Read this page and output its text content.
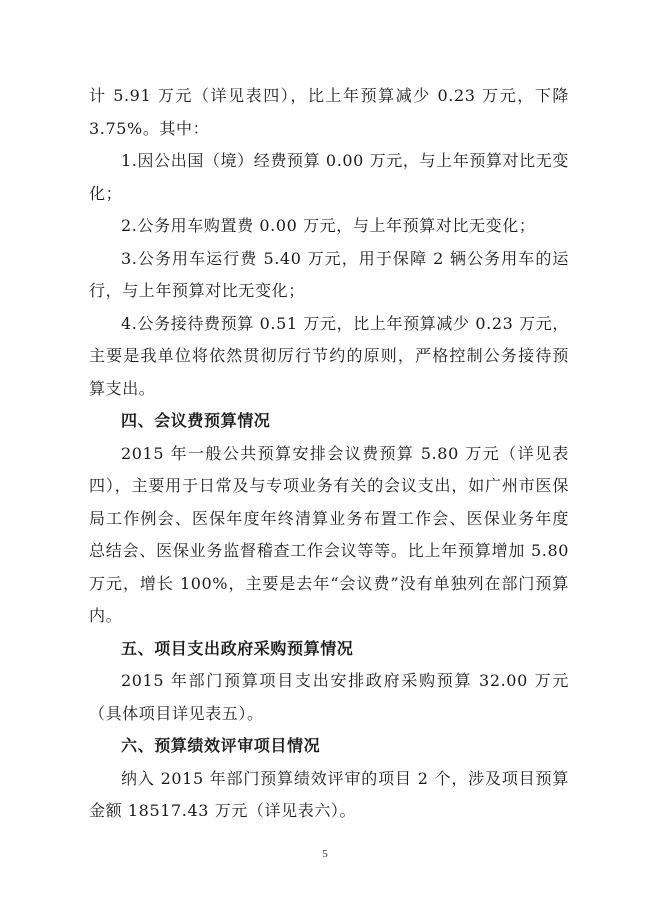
计 5.91 万元（详见表四），比上年预算减少 0.23 万元，下降 3.75%。其中：

1.因公出国（境）经费预算 0.00 万元，与上年预算对比无变化；

2.公务用车购置费 0.00 万元，与上年预算对比无变化；

3.公务用车运行费 5.40 万元，用于保障 2 辆公务用车的运行，与上年预算对比无变化；

4.公务接待费预算 0.51 万元，比上年预算减少 0.23 万元，主要是我单位将依然贯彻厉行节约的原则，严格控制公务接待预算支出。

四、会议费预算情况

2015 年一般公共预算安排会议费预算 5.80 万元（详见表四），主要用于日常及与专项业务有关的会议支出，如广州市医保局工作例会、医保年度年终清算业务布置工作会、医保业务年度总结会、医保业务监督稽查工作会议等等。比上年预算增加 5.80 万元，增长 100%，主要是去年“会议费”没有单独列在部门预算内。

五、项目支出政府采购预算情况

2015 年部门预算项目支出安排政府采购预算 32.00 万元（具体项目详见表五）。

六、预算绩效评审项目情况

纳入 2015 年部门预算绩效评审的项目 2 个，涉及项目预算金额 18517.43 万元（详见表六）。

5
